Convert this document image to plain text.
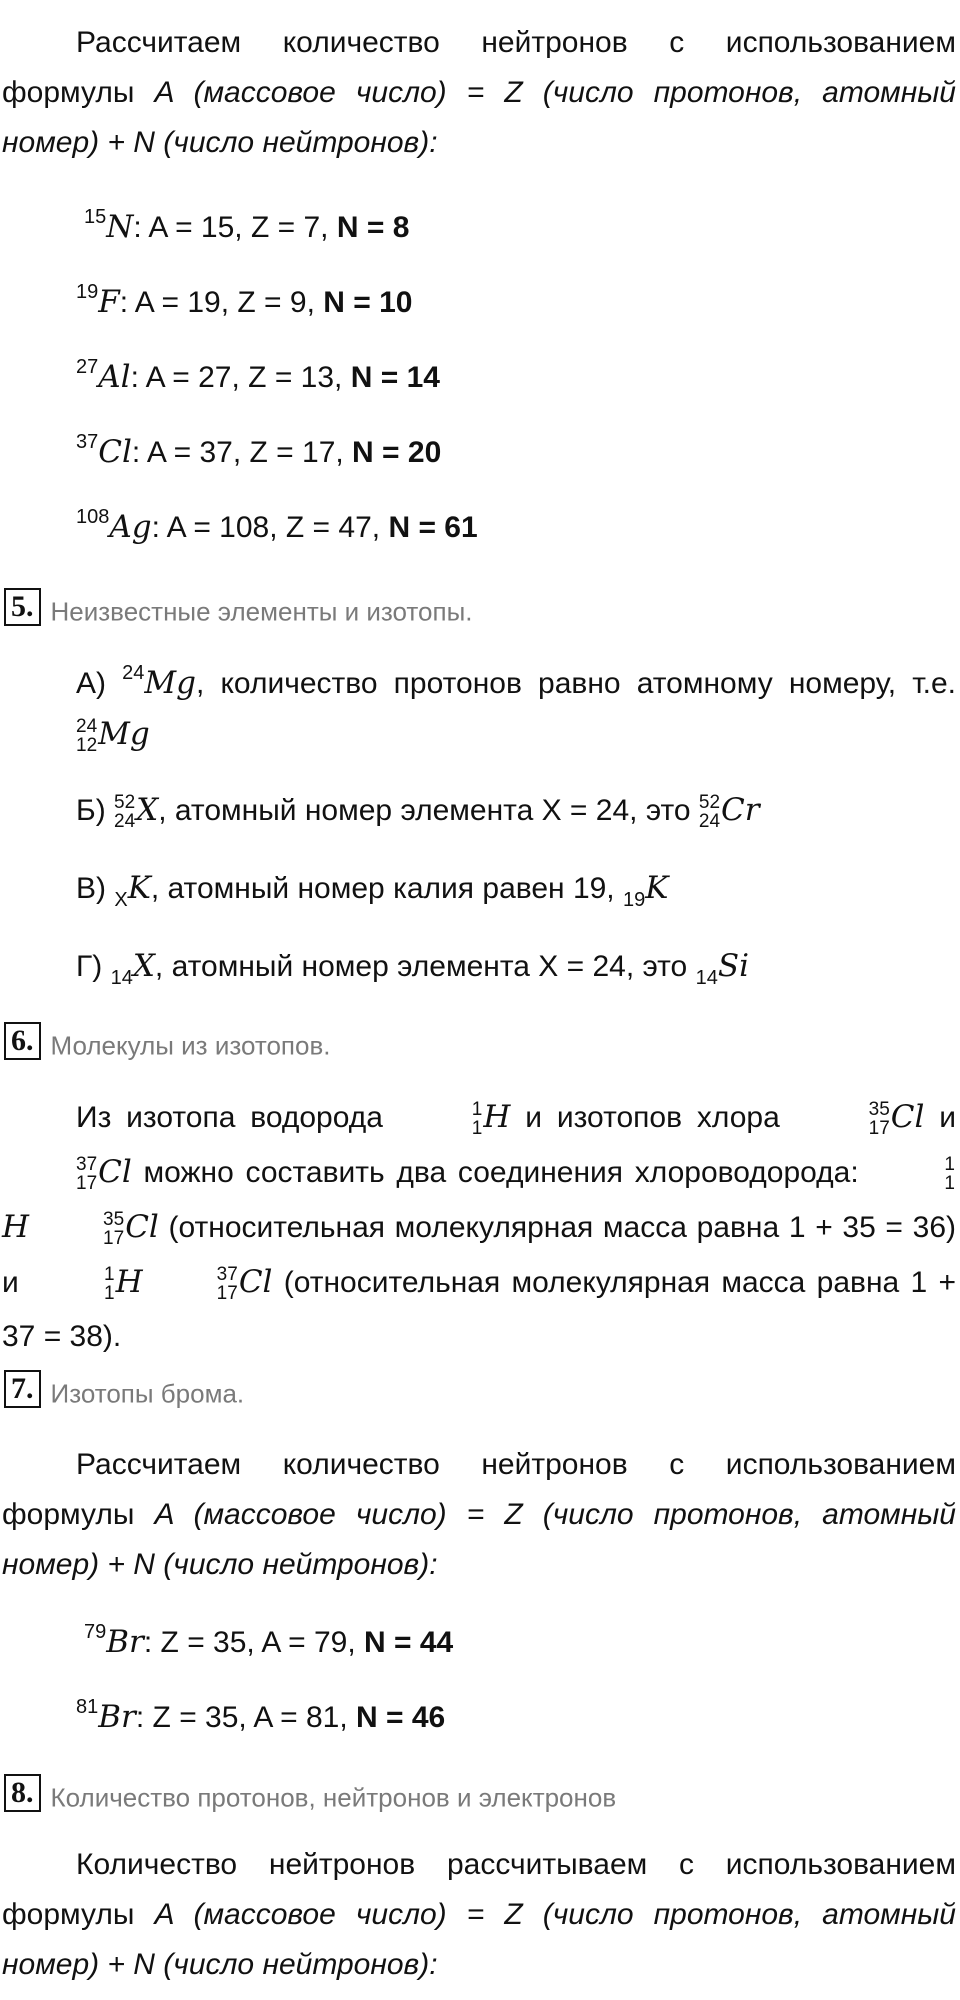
Рассчитаем количество нейтронов с использованием формулы A (массовое число) = Z (число протонов, атомный номер) + N (число нейтронов):

$^{15}$N: A = 15, Z = 7, N = 8
$^{19}$F: A = 19, Z = 9, N = 10
$^{27}$Al: A = 27, Z = 13, N = 14
$^{37}$Cl: A = 37, Z = 17, N = 20
$^{108}$Ag: A = 108, Z = 47, N = 61
5. Неизвестные элементы и изотопы.

А) $^{24}$Mg, количество протонов равно атомному номеру, т.е.
24
12 Mg

Б) 52
24 X, атомный номер элемента Х = 24, это 52
24 Cr
В) $_X$K, атомный номер калия равен 19, $_{19}$K
Г) $_{14}$X, атомный номер элемента Х = 24, это $_{14}$Si
6. Молекулы из изотопов.

Из изотопа водорода	1
1 H и изотопов хлора	35
17 Cl и
37
17 Cl можно составить два соединения хлороводорода:	1
1
H	35
17 Cl (относительная молекулярная масса равна 1 + 35 = 36) и	1
1 H	37
17 Cl (относительная молекулярная масса равна 1 + 37 = 38).

7. Изотопы брома.

Рассчитаем количество нейтронов с использованием формулы A (массовое число) = Z (число протонов, атомный номер) + N (число нейтронов):

$^{79}$Br: Z = 35, A = 79, N = 44
$^{81}$Br: Z = 35, A = 81, N = 46
8. Количество протонов, нейтронов и электронов

Количество нейтронов рассчитываем с использованием формулы A (массовое число) = Z (число протонов, атомный номер) + N (число нейтронов):
